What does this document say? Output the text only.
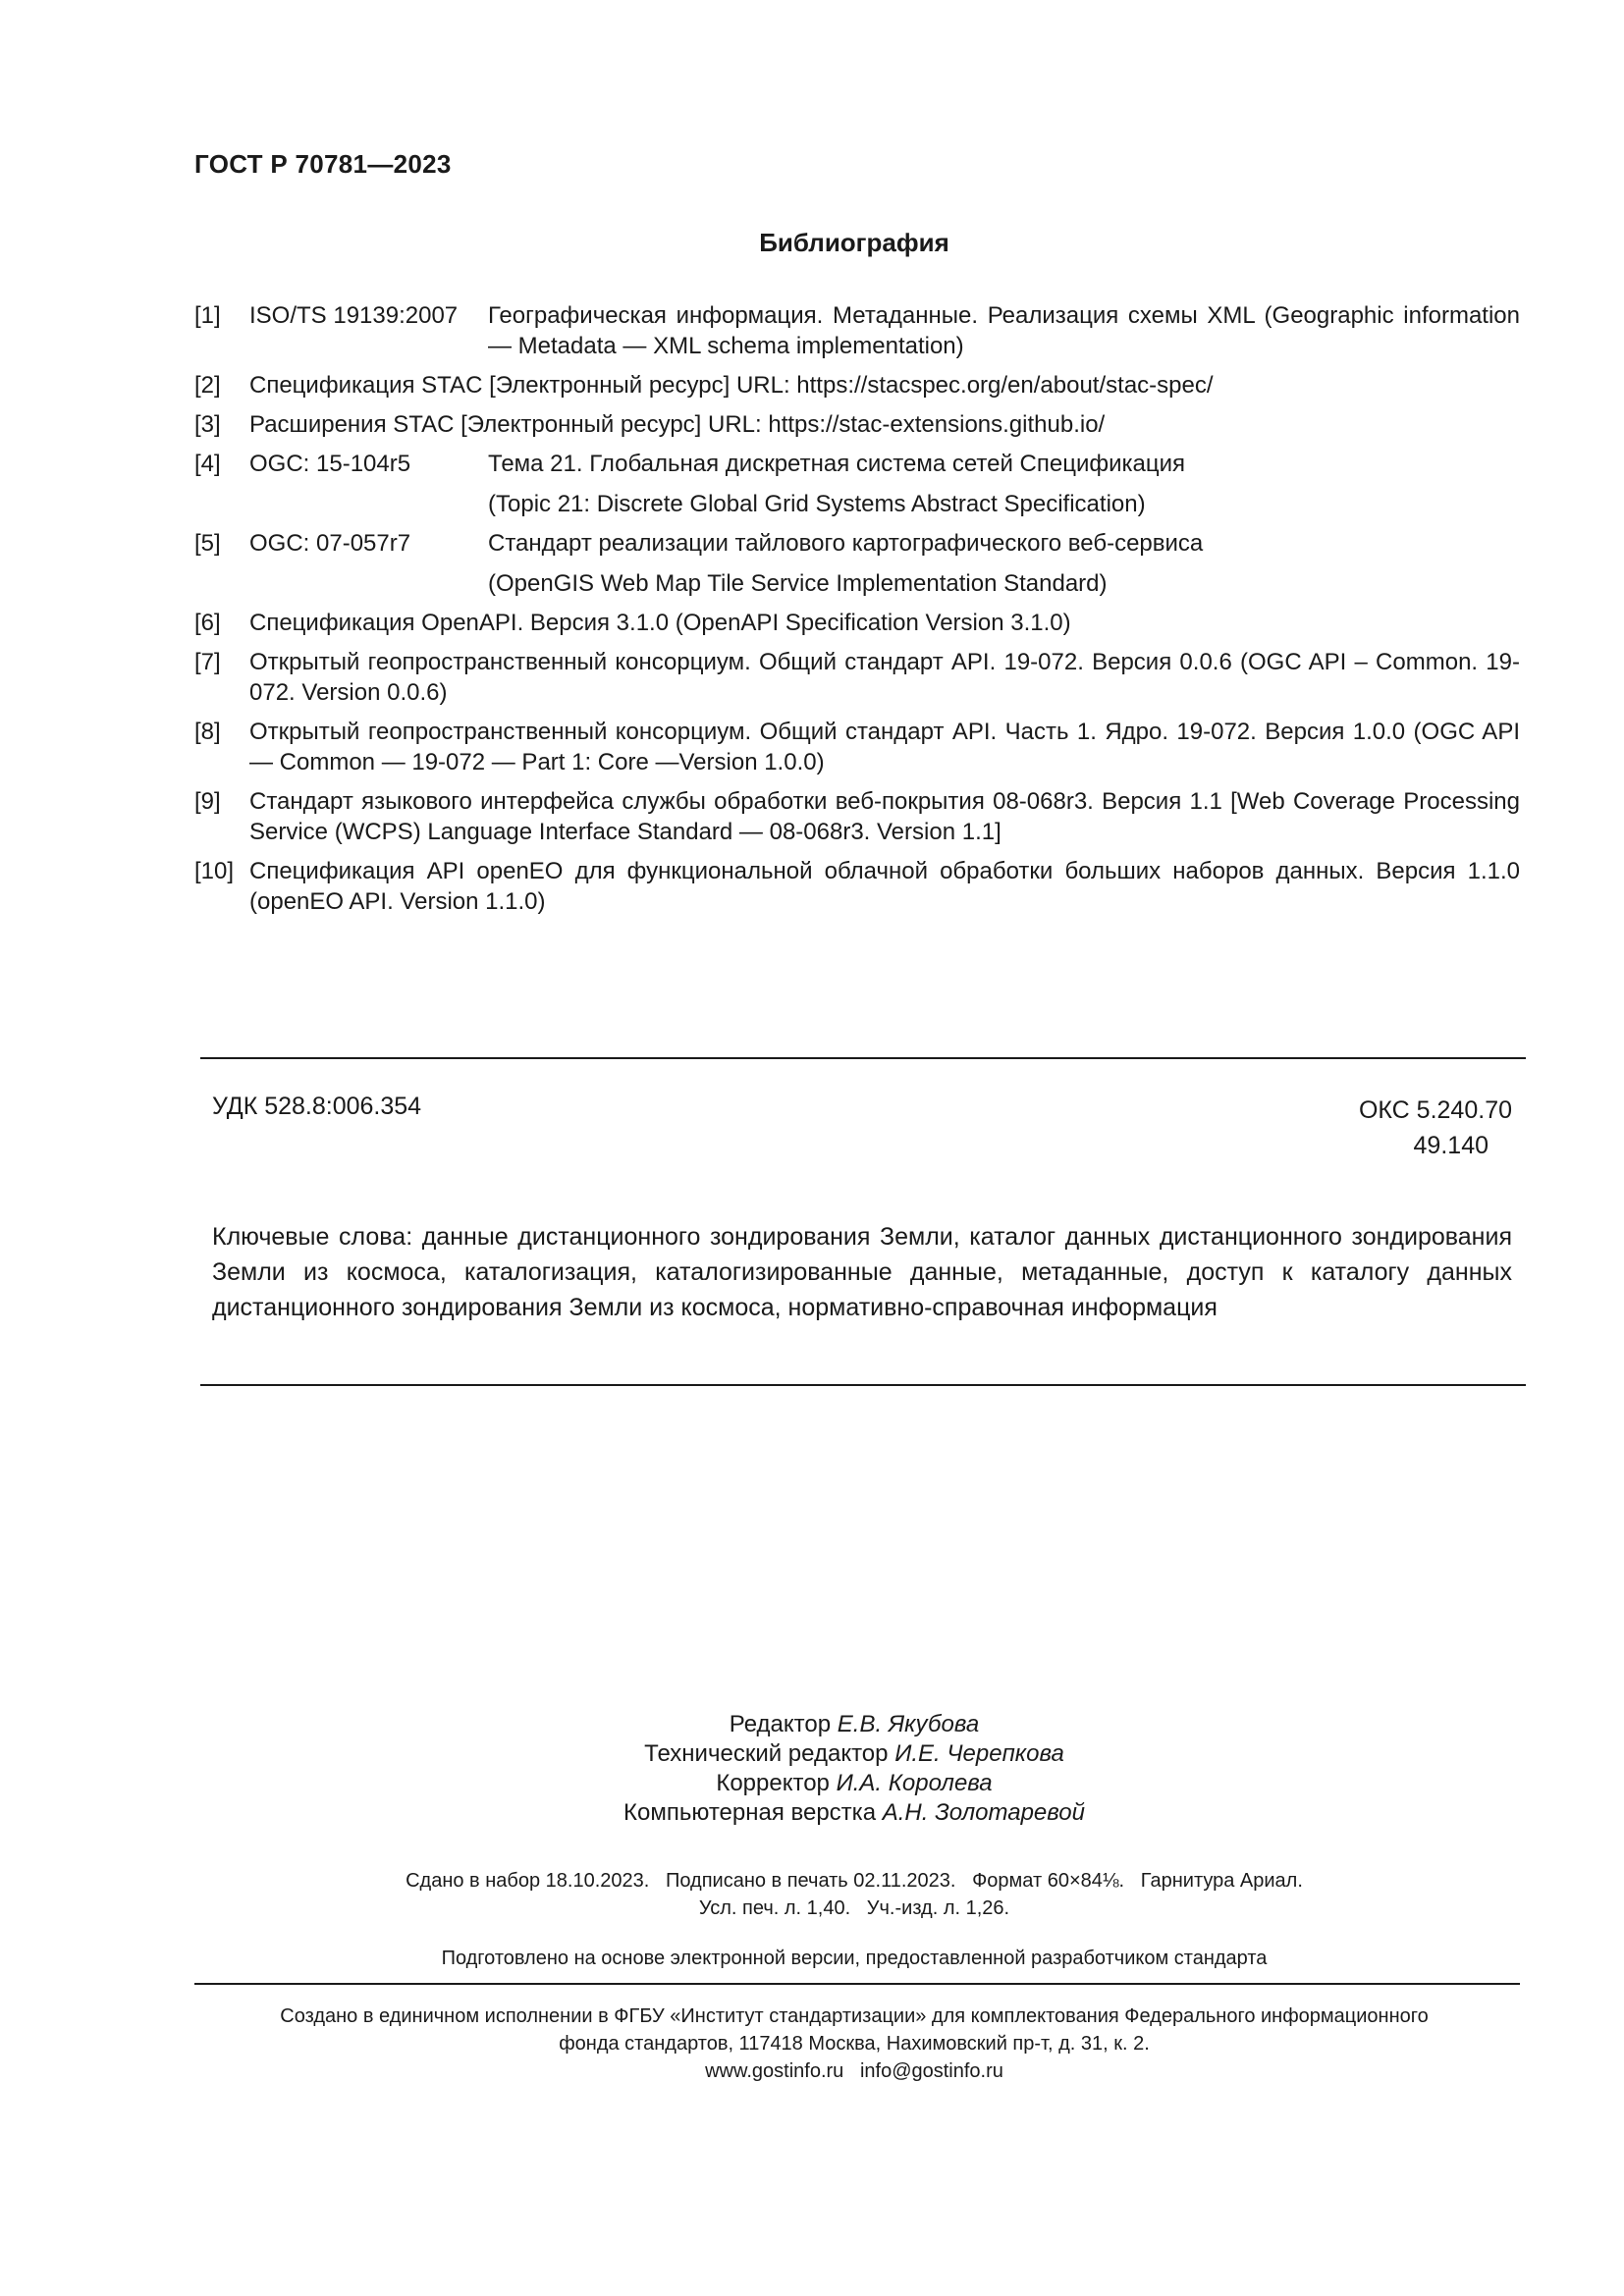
ГОСТ Р 70781—2023
Библиография
[1]	ISO/TS 19139:2007	Географическая информация. Метаданные. Реализация схемы XML (Geographic information — Metadata — XML schema implementation)
[2]	Спецификация STAC [Электронный ресурс] URL: https://stacspec.org/en/about/stac-spec/
[3]	Расширения STAC [Электронный ресурс] URL: https://stac-extensions.github.io/
[4]	OGC: 15-104r5	Тема 21. Глобальная дискретная система сетей Спецификация
(Topic 21: Discrete Global Grid Systems Abstract Specification)
[5]	OGC: 07-057r7	Стандарт реализации тайлового картографического веб-сервиса
(OpenGIS Web Map Tile Service Implementation Standard)
[6]	Спецификация OpenAPI. Версия 3.1.0 (OpenAPI Specification Version 3.1.0)
[7]	Открытый геопространственный консорциум. Общий стандарт API. 19-072. Версия 0.0.6 (OGC API – Common. 19-072. Version 0.0.6)
[8]	Открытый геопространственный консорциум. Общий стандарт API. Часть 1. Ядро. 19-072. Версия 1.0.0 (OGC API — Common — 19-072 — Part 1: Core —Version 1.0.0)
[9]	Стандарт языкового интерфейса службы обработки веб-покрытия 08-068r3. Версия 1.1 [Web Coverage Processing Service (WCPS) Language Interface Standard — 08-068r3. Version 1.1]
[10] Спецификация API openEO для функциональной облачной обработки больших наборов данных. Версия 1.1.0 (openEO API. Version 1.1.0)
УДК 528.8:006.354	ОКС 5.240.70
49.140
Ключевые слова: данные дистанционного зондирования Земли, каталог данных дистанционного зондирования Земли из космоса, каталогизация, каталогизированные данные, метаданные, доступ к каталогу данных дистанционного зондирования Земли из космоса, нормативно-справочная информация
Редактор Е.В. Якубова
Технический редактор И.Е. Черепкова
Корректор И.А. Королева
Компьютерная верстка А.Н. Золотаревой
Сдано в набор 18.10.2023.   Подписано в печать 02.11.2023.   Формат 60×84⅛.   Гарнитура Ариал.
Усл. печ. л. 1,40.   Уч.-изд. л. 1,26.
Подготовлено на основе электронной версии, предоставленной разработчиком стандарта
Создано в единичном исполнении в ФГБУ «Институт стандартизации» для комплектования Федерального информационного
фонда стандартов, 117418 Москва, Нахимовский пр-т, д. 31, к. 2.
www.gostinfo.ru   info@gostinfo.ru
